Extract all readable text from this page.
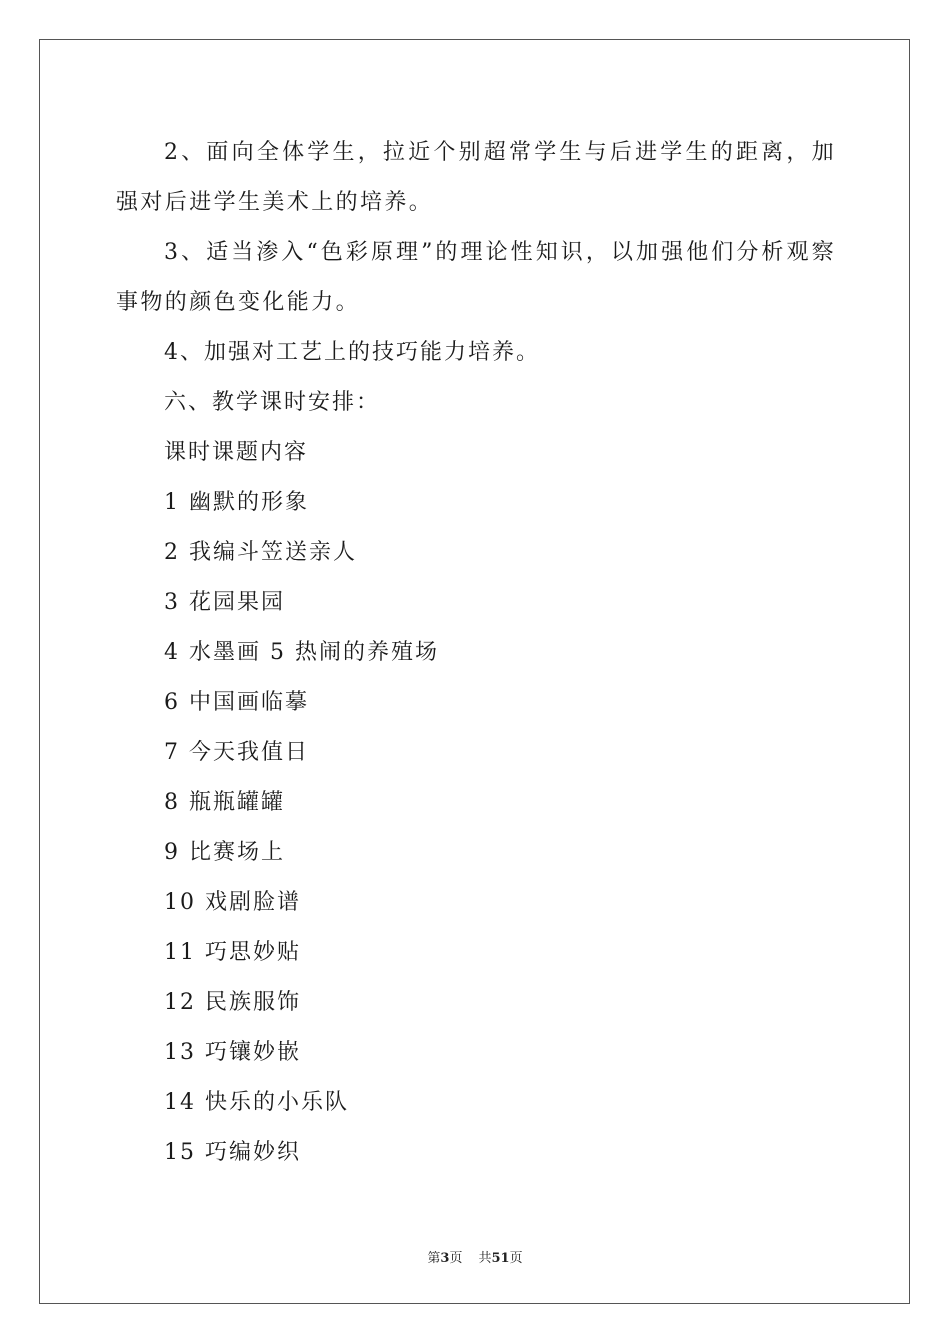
2、面向全体学生，拉近个别超常学生与后进学生的距离，加强对后进学生美术上的培养。

3、适当渗入“色彩原理”的理论性知识，以加强他们分析观察事物的颜色变化能力。

4、加强对工艺上的技巧能力培养。

六、教学课时安排：

课时课题内容

1 幽默的形象

2 我编斗笠送亲人

3 花园果园

4 水墨画 5 热闹的养殖场

6 中国画临摹

7 今天我值日

8 瓶瓶罐罐

9 比赛场上

10 戏剧脸谱

11 巧思妙贴

12 民族服饰

13 巧镶妙嵌

14 快乐的小乐队

15 巧编妙织

第3页 共51页
